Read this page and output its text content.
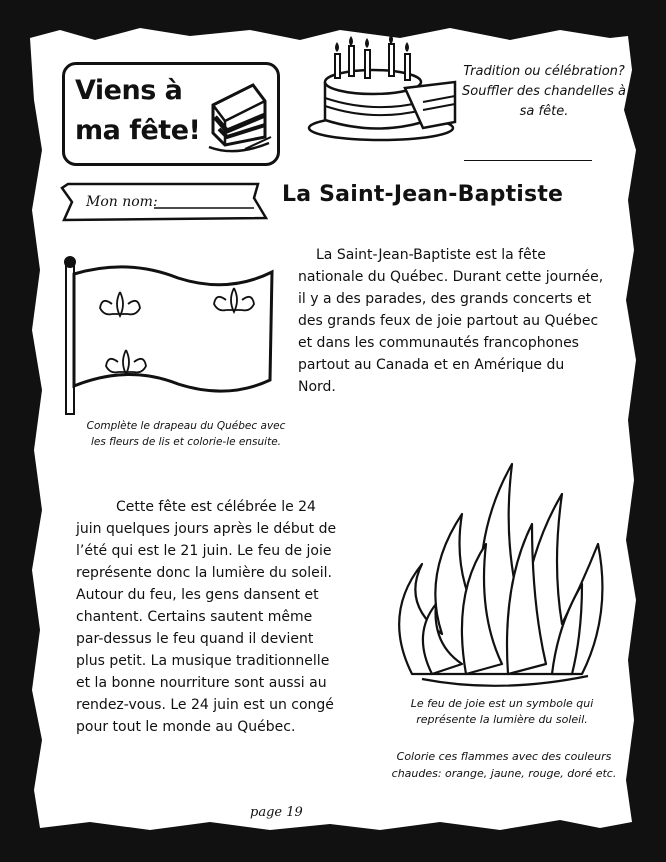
Viens à
ma fête!
Tradition ou célébration? Souffler des chandelles à sa fête.
Mon nom:	La Saint-Jean-Baptiste
Complète le drapeau du Québec avec les fleurs de lis et colorie-le ensuite.

La Saint-Jean-Baptiste est la fête nationale du Québec. Durant cette journée, il y a des parades, des grands concerts et des grands feux de joie partout au Québec et dans les communautés francophones partout au Canada et en Amérique du Nord.

Cette fête est célébrée le 24 juin quelques jours après le début de l’été qui est le 21 juin. Le feu de joie représente donc la lumière du soleil. Autour du feu, les gens dansent et chantent. Certains sautent même par-dessus le feu quand il devient plus petit. La musique traditionnelle et la bonne nourriture sont aussi au rendez-vous. Le 24 juin est un congé pour tout le monde au Québec.

Le feu de joie est un symbole qui représente la lumière du soleil.
Colorie ces flammes avec des couleurs chaudes: orange, jaune, rouge, doré etc.
page 19
